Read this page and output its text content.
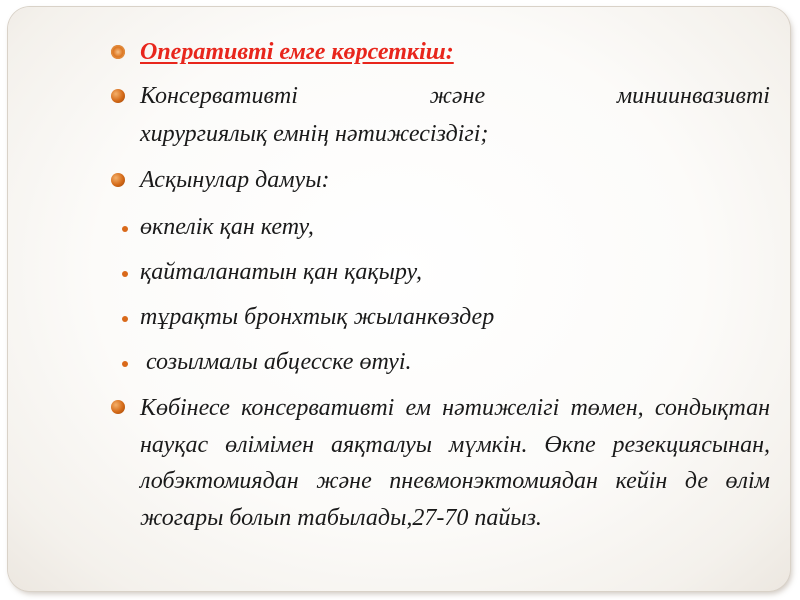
Оперативті емге көрсеткіш:
Консервативті	және	миниинвазивті
хирургиялық емнің нәтижесіздігі;
Асқынулар дамуы:
өкпелік қан кету,
қайталанатын қан қақыру,
тұрақты бронхтық жыланкөздер
созылмалы абцесске өтуі.
Көбінесе консервативті ем нәтижелігі төмен, сондықтан науқас өлімімен аяқталуы мүмкін. Өкпе резекциясынан, лобэктомиядан және пневмонэктомиядан кейін де өлім жогары болып табылады,27-70 пайыз.
